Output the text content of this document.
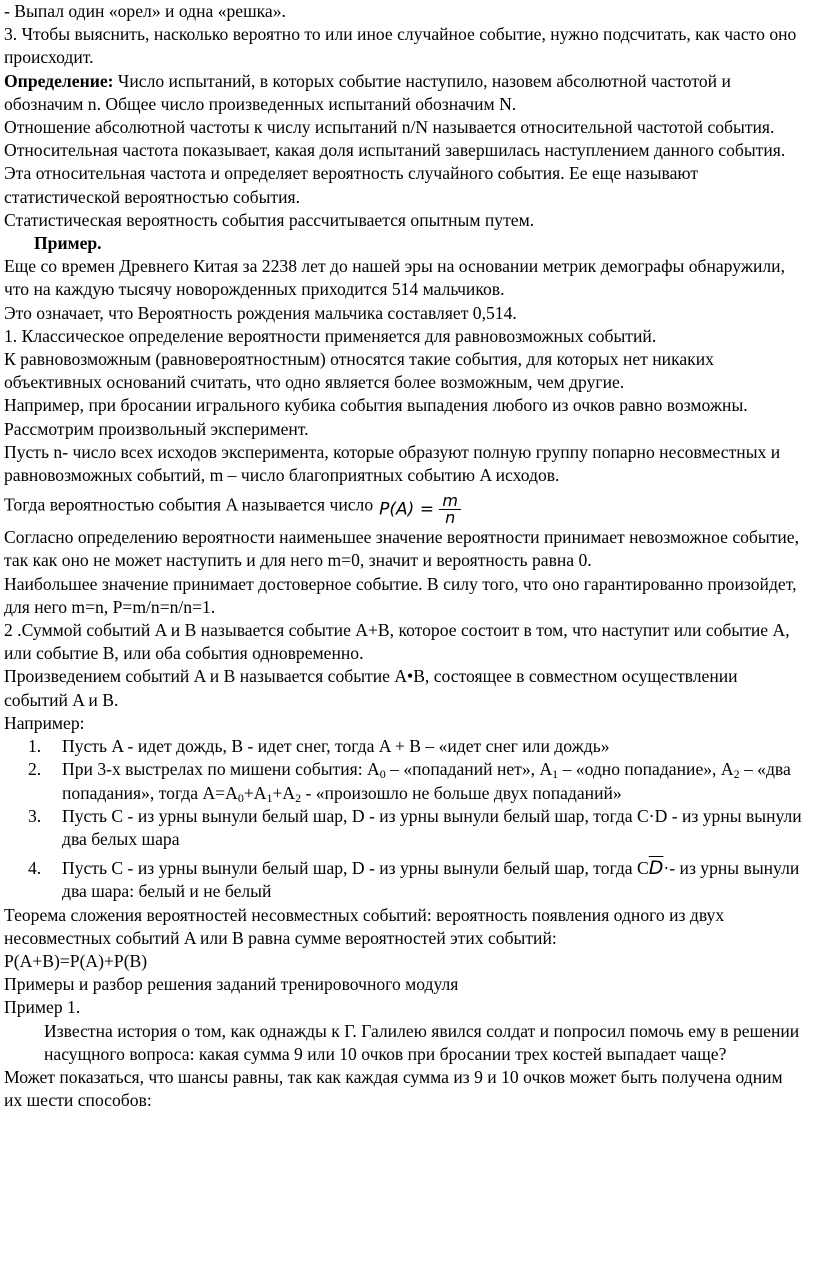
- Выпал один «орел» и одна «решка».

3. Чтобы выяснить, насколько вероятно то или иное случайное событие, нужно подсчитать, как часто оно происходит.

Определение: Число испытаний, в которых событие наступило, назовем абсолютной частотой и обозначим n. Общее число произведенных испытаний обозначим N.

Отношение абсолютной частоты к числу испытаний n/N называется относительной частотой события.

Относительная частота показывает, какая доля испытаний завершилась наступлением данного события. Эта относительная частота и определяет вероятность случайного события. Ее еще называют статистической вероятностью события.

Статистическая вероятность события рассчитывается опытным путем.

Пример.

Еще со времен Древнего Китая за 2238 лет до нашей эры на основании метрик демографы обнаружили, что на каждую тысячу новорожденных приходится 514 мальчиков.

Это означает, что Вероятность рождения мальчика составляет 0,514.

1. Классическое определение вероятности применяется для равновозможных событий.

К равновозможным (равновероятностным) относятся такие события, для которых нет никаких объективных оснований считать, что одно является более возможным, чем другие.

Например, при бросании игрального кубика события выпадения любого из очков равно возможны.

Рассмотрим произвольный эксперимент.

Пусть n- число всех исходов эксперимента, которые образуют полную группу попарно несовместных и равновозможных событий, m – число благоприятных событию A исходов.

Тогда вероятностью события A называется число $P(A) = \frac{m}{n}$

Согласно определению вероятности наименьшее значение вероятности принимает невозможное событие, так как оно не может наступить и для него m=0, значит и вероятность равна 0.

Наибольшее значение принимает достоверное событие. В силу того, что оно гарантированно произойдет, для него m=n, P=m/n=n/n=1.

2 .Суммой событий A и B называется событие A+B, которое состоит в том, что наступит или событие A, или событие B, или оба события одновременно.

Произведением событий A и B называется событие A•B, состоящее в совместном осуществлении событий A и B.

Например:

1. Пусть A - идет дождь, B - идет снег, тогда A + B – «идет снег или дождь»
2. При 3-х выстрелах по мишени события: $A_0$ – «попаданий нет», $A_1$ – «одно попадание», $A_2$ – «два попадания», тогда $A=A_0+A_1+A_2$ - «произошло не больше двух попаданий»
3. Пусть C - из урны вынули белый шар, D - из урны вынули белый шар, тогда C·D - из урны вынули два белых шара
4. Пусть C - из урны вынули белый шар, D - из урны вынули белый шар, тогда $C\overline{D}\cdot-$ из урны вынули два шара: белый и не белый

Теорема сложения вероятностей несовместных событий: вероятность появления одного из двух несовместных событий A или B равна сумме вероятностей этих событий:

P(A+B)=P(A)+P(B)

Примеры и разбор решения заданий тренировочного модуля

Пример 1.

Известна история о том, как однажды к Г. Галилею явился солдат и попросил помочь ему в решении насущного вопроса: какая сумма 9 или 10 очков при бросании трех костей выпадает чаще?

Может показаться, что шансы равны, так как каждая сумма из 9 и 10 очков может быть получена одним их шести способов:
